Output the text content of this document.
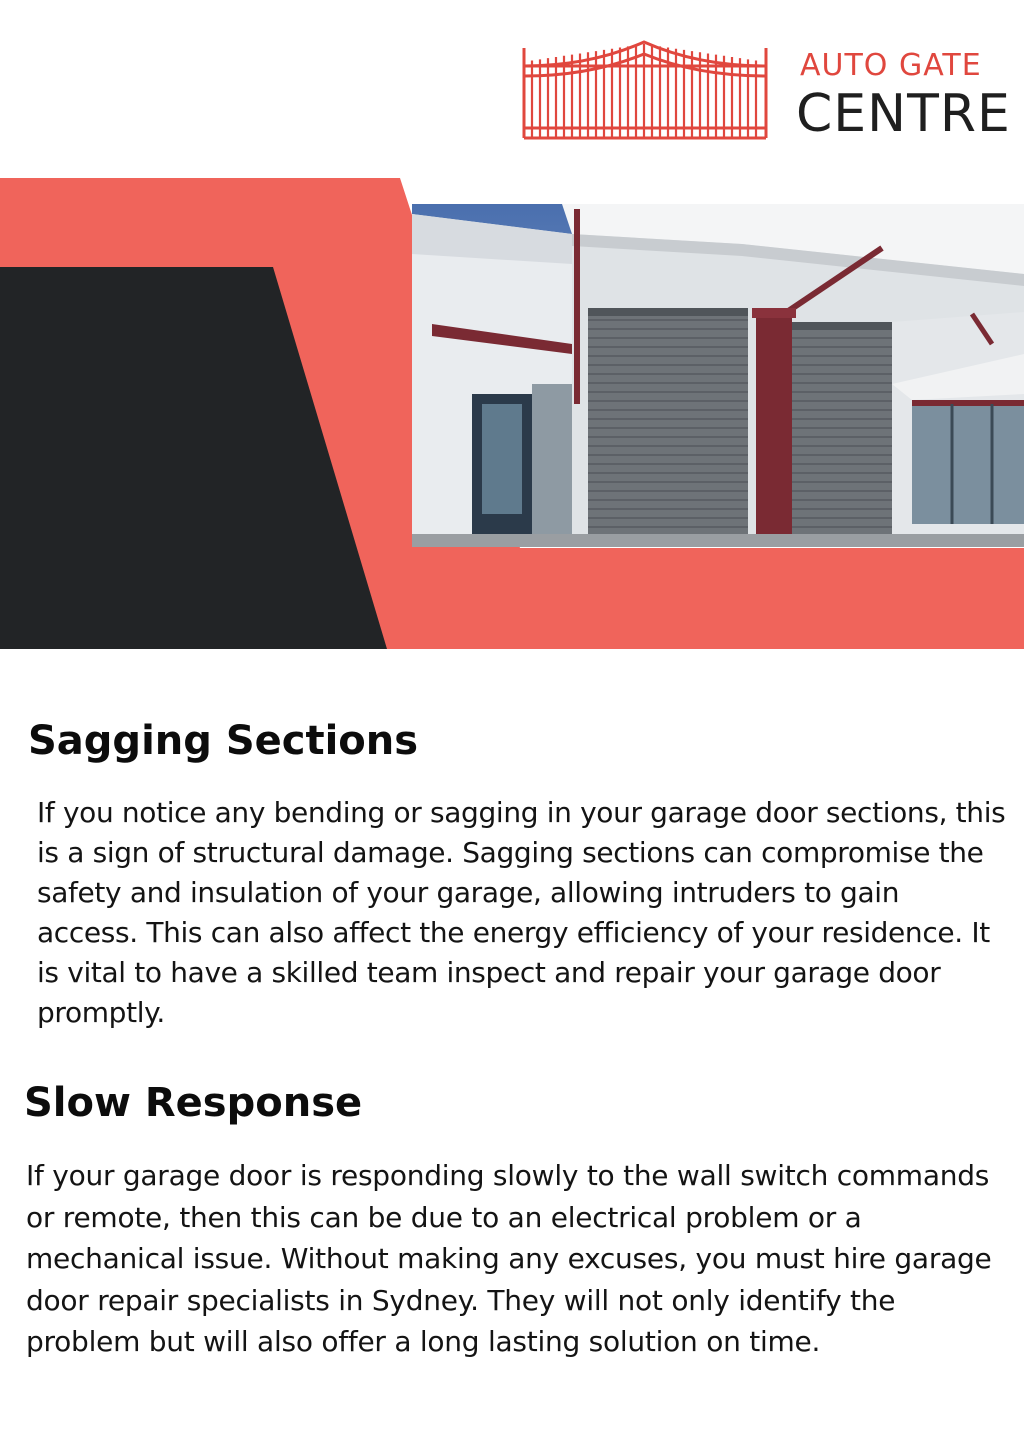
AUTO GATE
CENTRE
Sagging Sections

If you notice any bending or sagging in your garage door sections, this is a sign of structural damage. Sagging sections can compromise the safety and insulation of your garage, allowing intruders to gain access. This can also affect the energy efficiency of your residence. It is vital to have a skilled team inspect and repair your garage door promptly.

Slow Response

If your garage door is responding slowly to the wall switch commands or remote, then this can be due to an electrical problem or a mechanical issue. Without making any excuses, you must hire garage door repair specialists in Sydney. They will not only identify the problem but will also offer a long lasting solution on time.
